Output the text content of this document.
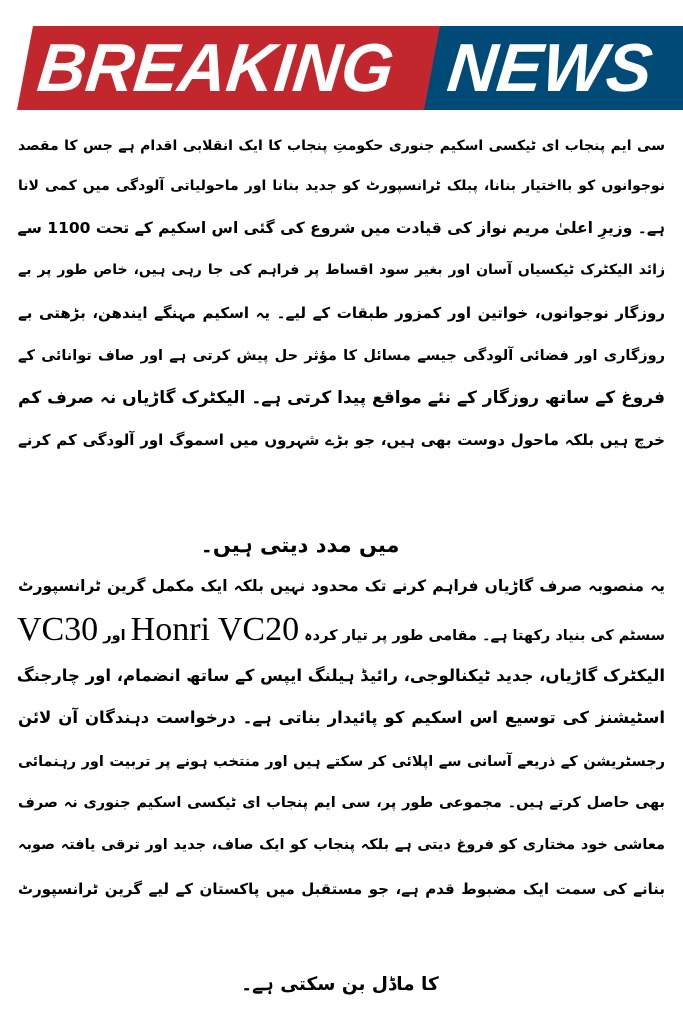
BREAKING NEWS
سی ایم پنجاب ای ٹیکسی اسکیم جنوری حکومتِ پنجاب کا ایک انقلابی اقدام ہے جس کا مقصد
نوجوانوں کو بااختیار بنانا، پبلک ٹرانسپورٹ کو جدید بنانا اور ماحولیاتی آلودگی میں کمی لانا
ہے۔ وزیرِ اعلیٰ مریم نواز کی قیادت میں شروع کی گئی اس اسکیم کے تحت 1100 سے
زائد الیکٹرک ٹیکسیاں آسان اور بغیر سود اقساط پر فراہم کی جا رہی ہیں، خاص طور پر بے
روزگار نوجوانوں، خواتین اور کمزور طبقات کے لیے۔ یہ اسکیم مہنگے ایندھن، بڑھتی بے
روزگاری اور فضائی آلودگی جیسے مسائل کا مؤثر حل پیش کرتی ہے اور صاف توانائی کے
فروغ کے ساتھ روزگار کے نئے مواقع پیدا کرتی ہے۔ الیکٹرک گاڑیاں نہ صرف کم
خرچ ہیں بلکہ ماحول دوست بھی ہیں، جو بڑے شہروں میں اسموگ اور آلودگی کم کرنے
میں مدد دیتی ہیں۔
یہ منصوبہ صرف گاڑیاں فراہم کرنے تک محدود نہیں بلکہ ایک مکمل گرین ٹرانسپورٹ
سسٹم کی بنیاد رکھتا ہے۔ مقامی طور پر تیار کردہ Honri VC20 اور VC30
الیکٹرک گاڑیاں، جدید ٹیکنالوجی، رائیڈ ہیلنگ ایپس کے ساتھ انضمام، اور چارجنگ
اسٹیشنز کی توسیع اس اسکیم کو پائیدار بناتی ہے۔ درخواست دہندگان آن لائن
رجسٹریشن کے ذریعے آسانی سے اپلائی کر سکتے ہیں اور منتخب ہونے پر تربیت اور رہنمائی
بھی حاصل کرتے ہیں۔ مجموعی طور پر، سی ایم پنجاب ای ٹیکسی اسکیم جنوری نہ صرف
معاشی خود مختاری کو فروغ دیتی ہے بلکہ پنجاب کو ایک صاف، جدید اور ترقی یافتہ صوبہ
بنانے کی سمت ایک مضبوط قدم ہے، جو مستقبل میں پاکستان کے لیے گرین ٹرانسپورٹ
کا ماڈل بن سکتی ہے۔
